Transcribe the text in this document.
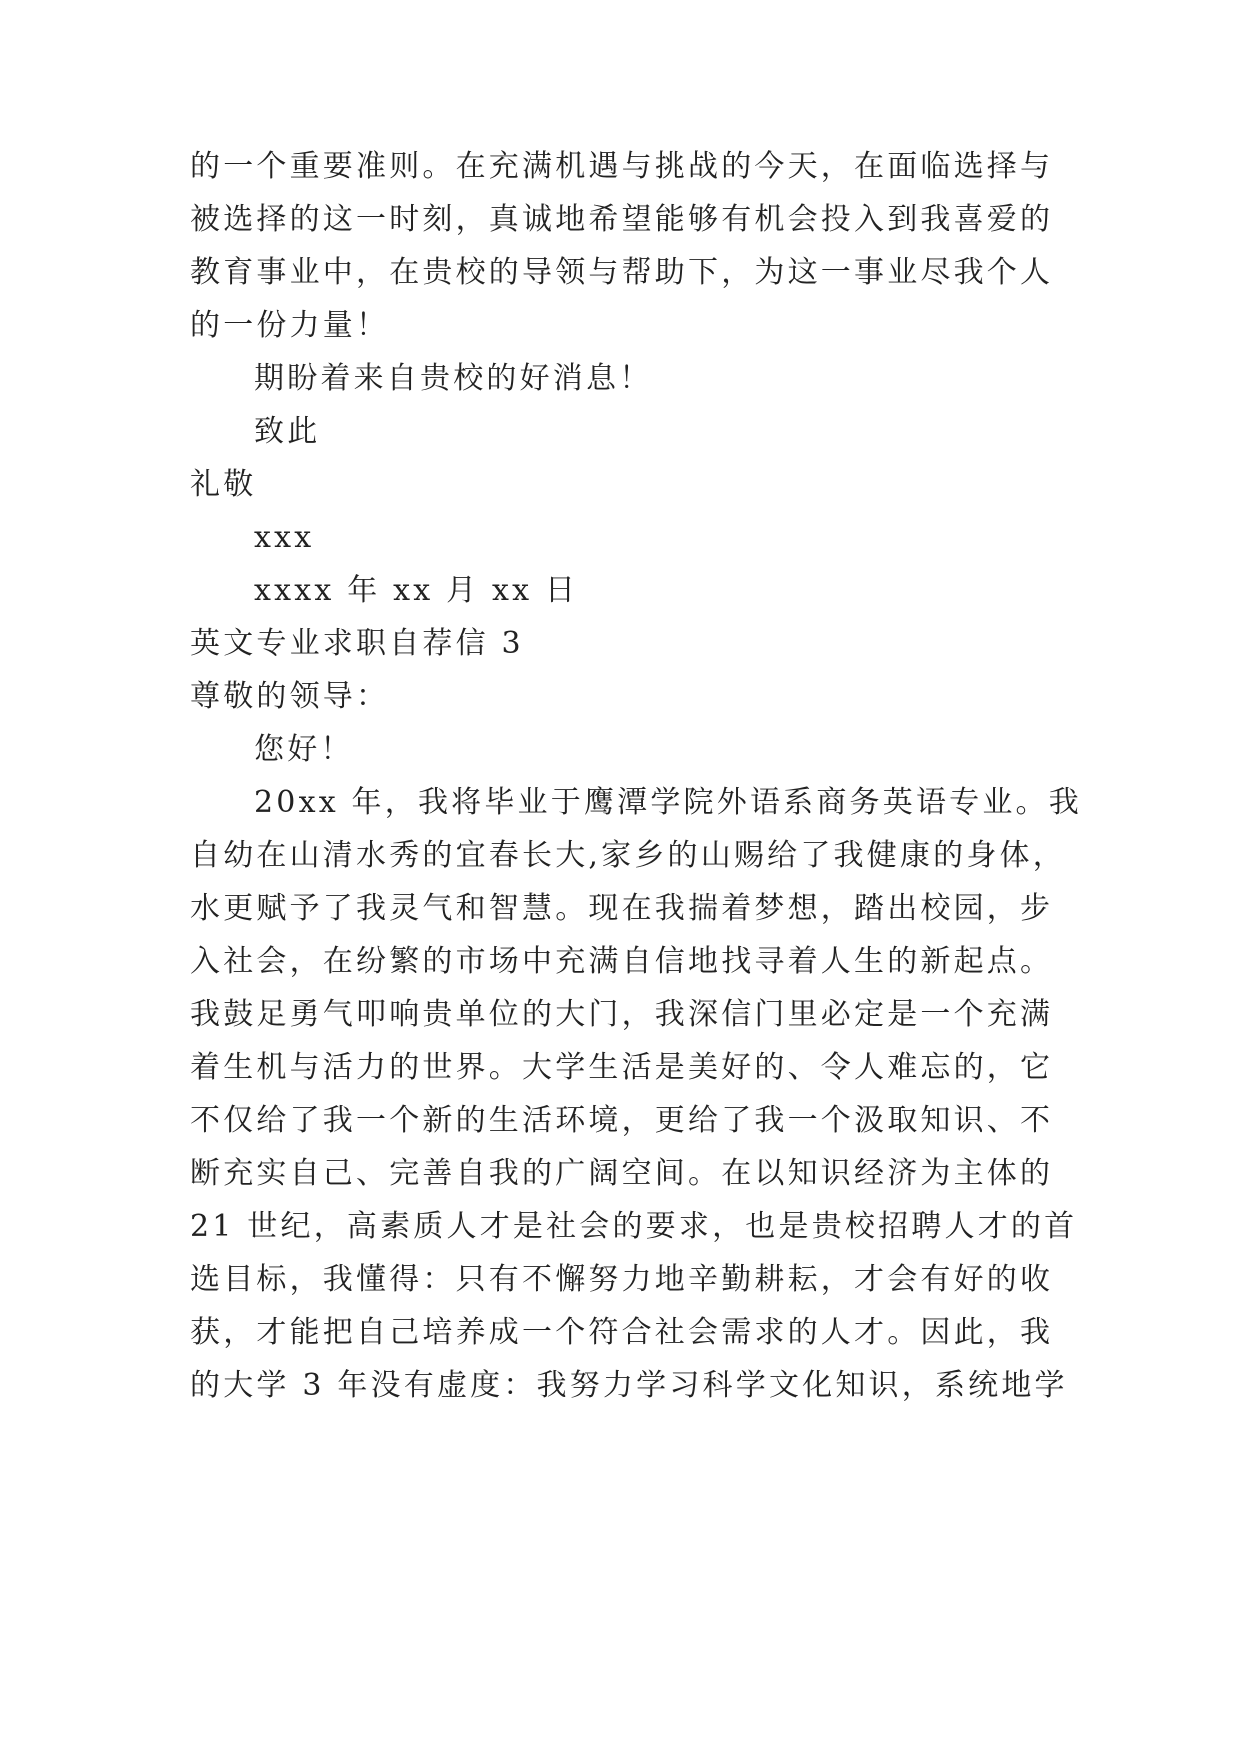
的一个重要准则。在充满机遇与挑战的今天，在面临选择与
被选择的这一时刻，真诚地希望能够有机会投入到我喜爱的
教育事业中，在贵校的导领与帮助下，为这一事业尽我个人
的一份力量！
期盼着来自贵校的好消息！
致此
礼敬
xxx
xxxx 年 xx 月 xx 日
英文专业求职自荐信 3
尊敬的领导：
您好！
20xx 年，我将毕业于鹰潭学院外语系商务英语专业。我
自幼在山清水秀的宜春长大,家乡的山赐给了我健康的身体，
水更赋予了我灵气和智慧。现在我揣着梦想，踏出校园，步
入社会，在纷繁的市场中充满自信地找寻着人生的新起点。
我鼓足勇气叩响贵单位的大门，我深信门里必定是一个充满
着生机与活力的世界。大学生活是美好的、令人难忘的，它
不仅给了我一个新的生活环境，更给了我一个汲取知识、不
断充实自己、完善自我的广阔空间。在以知识经济为主体的
21 世纪，高素质人才是社会的要求，也是贵校招聘人才的首
选目标，我懂得：只有不懈努力地辛勤耕耘，才会有好的收
获，才能把自己培养成一个符合社会需求的人才。因此，我
的大学 3 年没有虚度：我努力学习科学文化知识，系统地学
